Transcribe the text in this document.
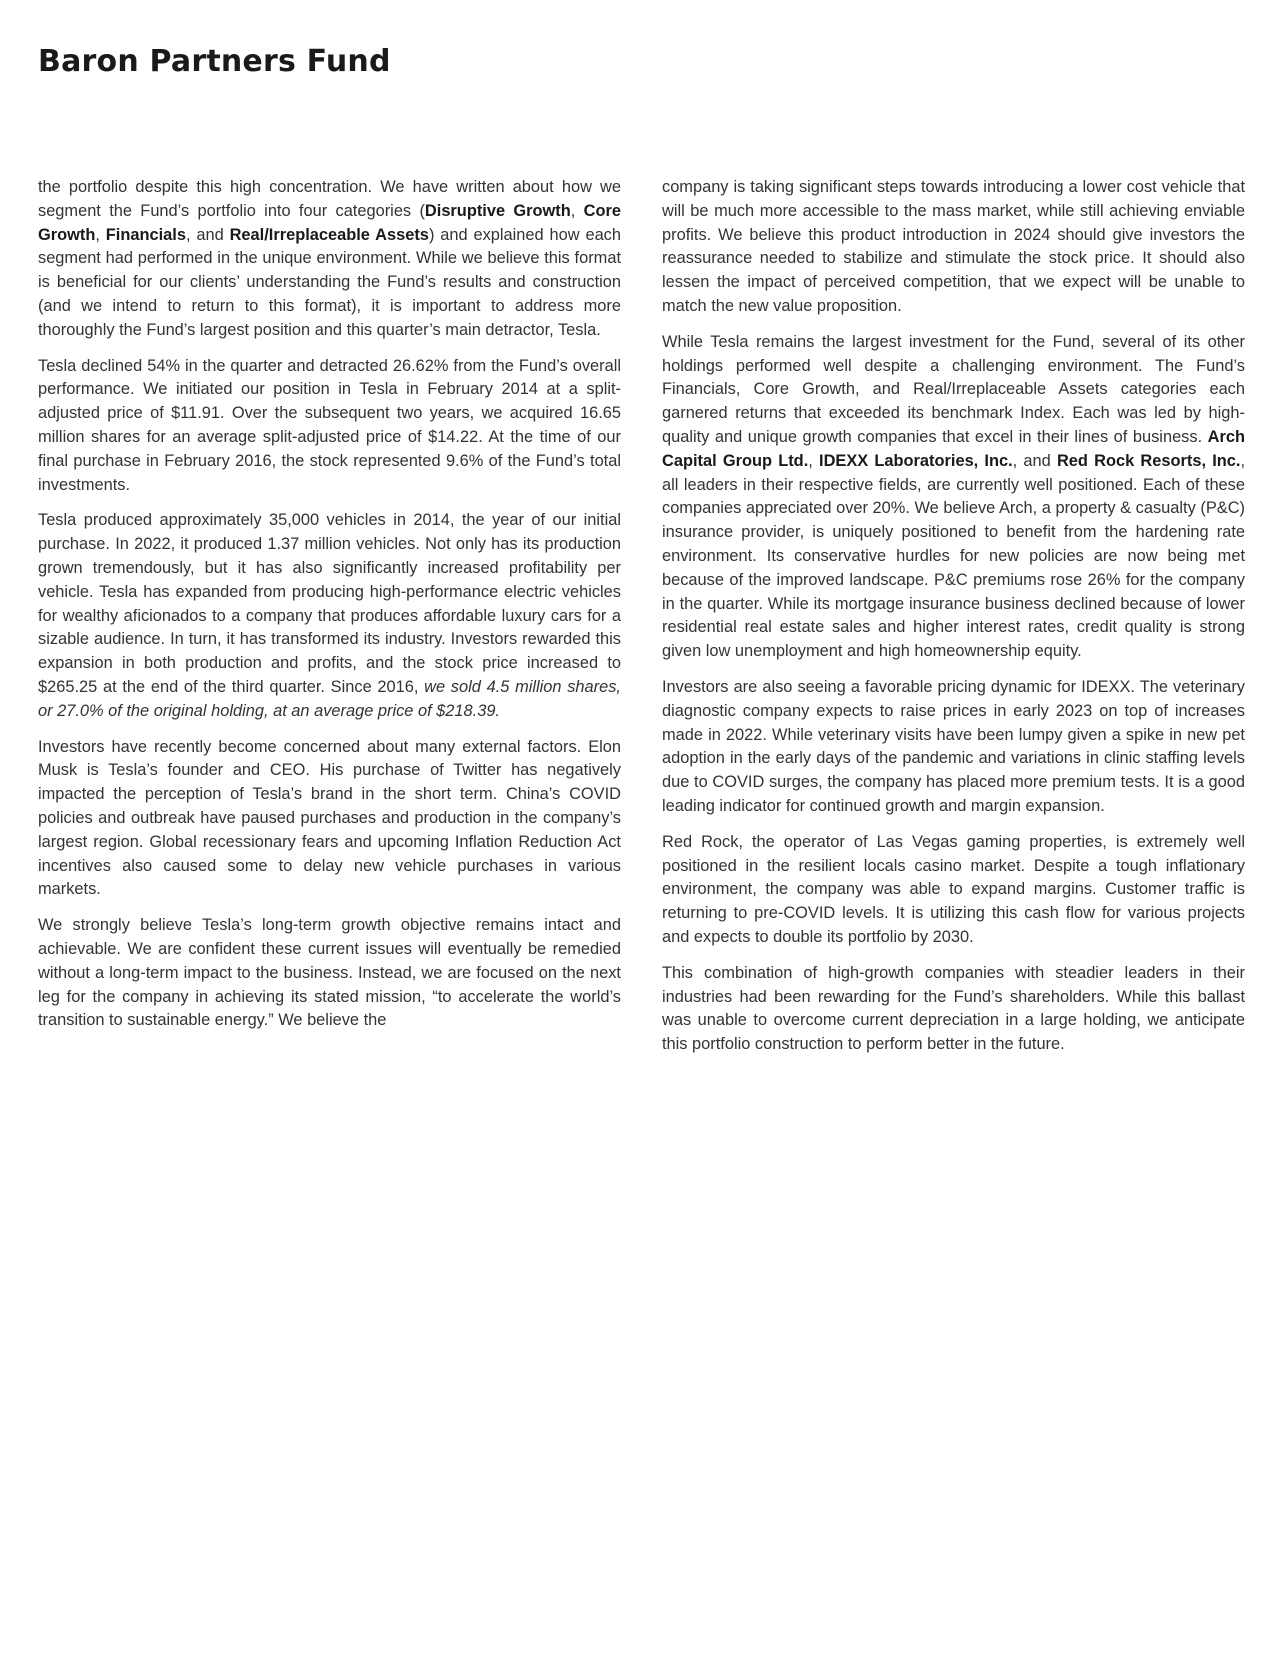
Baron Partners Fund

the portfolio despite this high concentration. We have written about how we segment the Fund’s portfolio into four categories (Disruptive Growth, Core Growth, Financials, and Real/Irreplaceable Assets) and explained how each segment had performed in the unique environment. While we believe this format is beneficial for our clients’ understanding the Fund’s results and construction (and we intend to return to this format), it is important to address more thoroughly the Fund’s largest position and this quarter’s main detractor, Tesla.

Tesla declined 54% in the quarter and detracted 26.62% from the Fund’s overall performance. We initiated our position in Tesla in February 2014 at a split-adjusted price of $11.91. Over the subsequent two years, we acquired 16.65 million shares for an average split-adjusted price of $14.22. At the time of our final purchase in February 2016, the stock represented 9.6% of the Fund’s total investments.

Tesla produced approximately 35,000 vehicles in 2014, the year of our initial purchase. In 2022, it produced 1.37 million vehicles. Not only has its production grown tremendously, but it has also significantly increased profitability per vehicle. Tesla has expanded from producing high-performance electric vehicles for wealthy aficionados to a company that produces affordable luxury cars for a sizable audience. In turn, it has transformed its industry. Investors rewarded this expansion in both production and profits, and the stock price increased to $265.25 at the end of the third quarter. Since 2016, we sold 4.5 million shares, or 27.0% of the original holding, at an average price of $218.39.

Investors have recently become concerned about many external factors. Elon Musk is Tesla’s founder and CEO. His purchase of Twitter has negatively impacted the perception of Tesla’s brand in the short term. China’s COVID policies and outbreak have paused purchases and production in the company’s largest region. Global recessionary fears and upcoming Inflation Reduction Act incentives also caused some to delay new vehicle purchases in various markets.

We strongly believe Tesla’s long-term growth objective remains intact and achievable. We are confident these current issues will eventually be remedied without a long-term impact to the business. Instead, we are focused on the next leg for the company in achieving its stated mission, “to accelerate the world’s transition to sustainable energy.” We believe the

company is taking significant steps towards introducing a lower cost vehicle that will be much more accessible to the mass market, while still achieving enviable profits. We believe this product introduction in 2024 should give investors the reassurance needed to stabilize and stimulate the stock price. It should also lessen the impact of perceived competition, that we expect will be unable to match the new value proposition.

While Tesla remains the largest investment for the Fund, several of its other holdings performed well despite a challenging environment. The Fund’s Financials, Core Growth, and Real/Irreplaceable Assets categories each garnered returns that exceeded its benchmark Index. Each was led by high-quality and unique growth companies that excel in their lines of business. Arch Capital Group Ltd., IDEXX Laboratories, Inc., and Red Rock Resorts, Inc., all leaders in their respective fields, are currently well positioned. Each of these companies appreciated over 20%. We believe Arch, a property & casualty (P&C) insurance provider, is uniquely positioned to benefit from the hardening rate environment. Its conservative hurdles for new policies are now being met because of the improved landscape. P&C premiums rose 26% for the company in the quarter. While its mortgage insurance business declined because of lower residential real estate sales and higher interest rates, credit quality is strong given low unemployment and high homeownership equity.

Investors are also seeing a favorable pricing dynamic for IDEXX. The veterinary diagnostic company expects to raise prices in early 2023 on top of increases made in 2022. While veterinary visits have been lumpy given a spike in new pet adoption in the early days of the pandemic and variations in clinic staffing levels due to COVID surges, the company has placed more premium tests. It is a good leading indicator for continued growth and margin expansion.

Red Rock, the operator of Las Vegas gaming properties, is extremely well positioned in the resilient locals casino market. Despite a tough inflationary environment, the company was able to expand margins. Customer traffic is returning to pre-COVID levels. It is utilizing this cash flow for various projects and expects to double its portfolio by 2030.

This combination of high-growth companies with steadier leaders in their industries had been rewarding for the Fund’s shareholders. While this ballast was unable to overcome current depreciation in a large holding, we anticipate this portfolio construction to perform better in the future.
